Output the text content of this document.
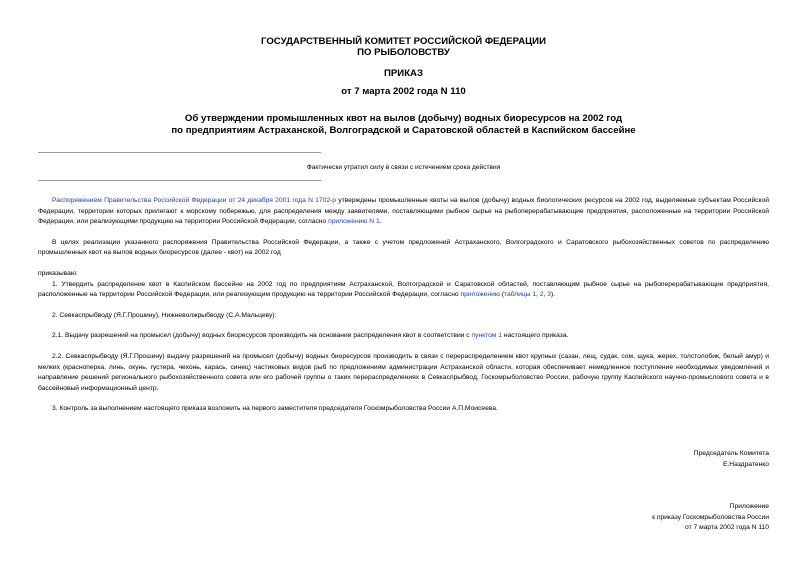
ГОСУДАРСТВЕННЫЙ КОМИТЕТ РОССИЙСКОЙ ФЕДЕРАЦИИ
ПО РЫБОЛОВСТВУ
ПРИКАЗ
от 7 марта 2002 года N 110
Об утверждении промышленных квот на вылов (добычу) водных биоресурсов на 2002 год
по предприятиям Астраханской, Волгоградской и Саратовской областей в Каспийском бассейне
Фактически утратил силу в связи с истечением срока действия

Распоряжением Правительства Российской Федерации от 24 декабря 2001 года N 1702-р утверждены промышленные квоты на вылов (добычу) водных биологических ресурсов на 2002 год, выделяемые субъектам Российской Федерации, территории которых прилегают к морскому побережью, для распределения между заявителями, поставляющими рыбное сырье на рыбоперерабатывающие предприятия, расположенные на территории Российской Федерации, или реализующими продукцию на территории Российской Федерации, согласно приложению N 1.

В целях реализации указанного распоряжения Правительства Российской Федерации, а также с учетом предложений Астраханского, Волгоградского и Саратовского рыбохозяйственных советов по распределению промышленных квот на вылов водных биоресурсов (далее - квот) на 2002 год

приказываю:

1. Утвердить распределение квот в Каспийском бассейне на 2002 год по предприятиям Астраханской, Волгоградской и Саратовской областей, поставляющим рыбное сырье на рыбоперерабатывающие предприятия, расположенные на территории Российской Федерации, или реализующим продукцию на территории Российской Федерации, согласно приложению (таблицы 1, 2, 3).

2. Севкаспрыбводу (Я.Г.Прошину), Нижневолжрыбводу (С.А.Мальцеву):

2.1. Выдачу разрешений на промысел (добычу) водных биоресурсов производить на основании распределения квот в соответствии с пунктом 1 настоящего приказа.

2.2. Севкаспрыбводу (Я.Г.Прошину) выдачу разрешений на промысел (добычу) водных биоресурсов производить в связи с перераспределением квот крупных (сазан, лещ, судак, сом, щука, жерех, толстолобик, белый амур) и мелких (красноперка, линь, окунь, густера, чехонь, карась, синец) частиковых видов рыб по предложениям администрации Астраханской области, которая обеспечивает немедленное поступление необходимых уведомлений и направление решений регионального рыбохозяйственного совета или его рабочей группы о таких перераспределениях в Севкаспрыбвод, Госкомрыболовство России, рабочую группу Каспийского научно-промыслового совета и в бассейновый информационный центр.

3. Контроль за выполнением настоящего приказа возложить на первого заместителя председателя Госкомрыболовства России А.П.Моисеева.

Председатель Комитета
Е.Наздратенко
Приложение
к приказу Госкомрыболовства России
от 7 марта 2002 года N 110
